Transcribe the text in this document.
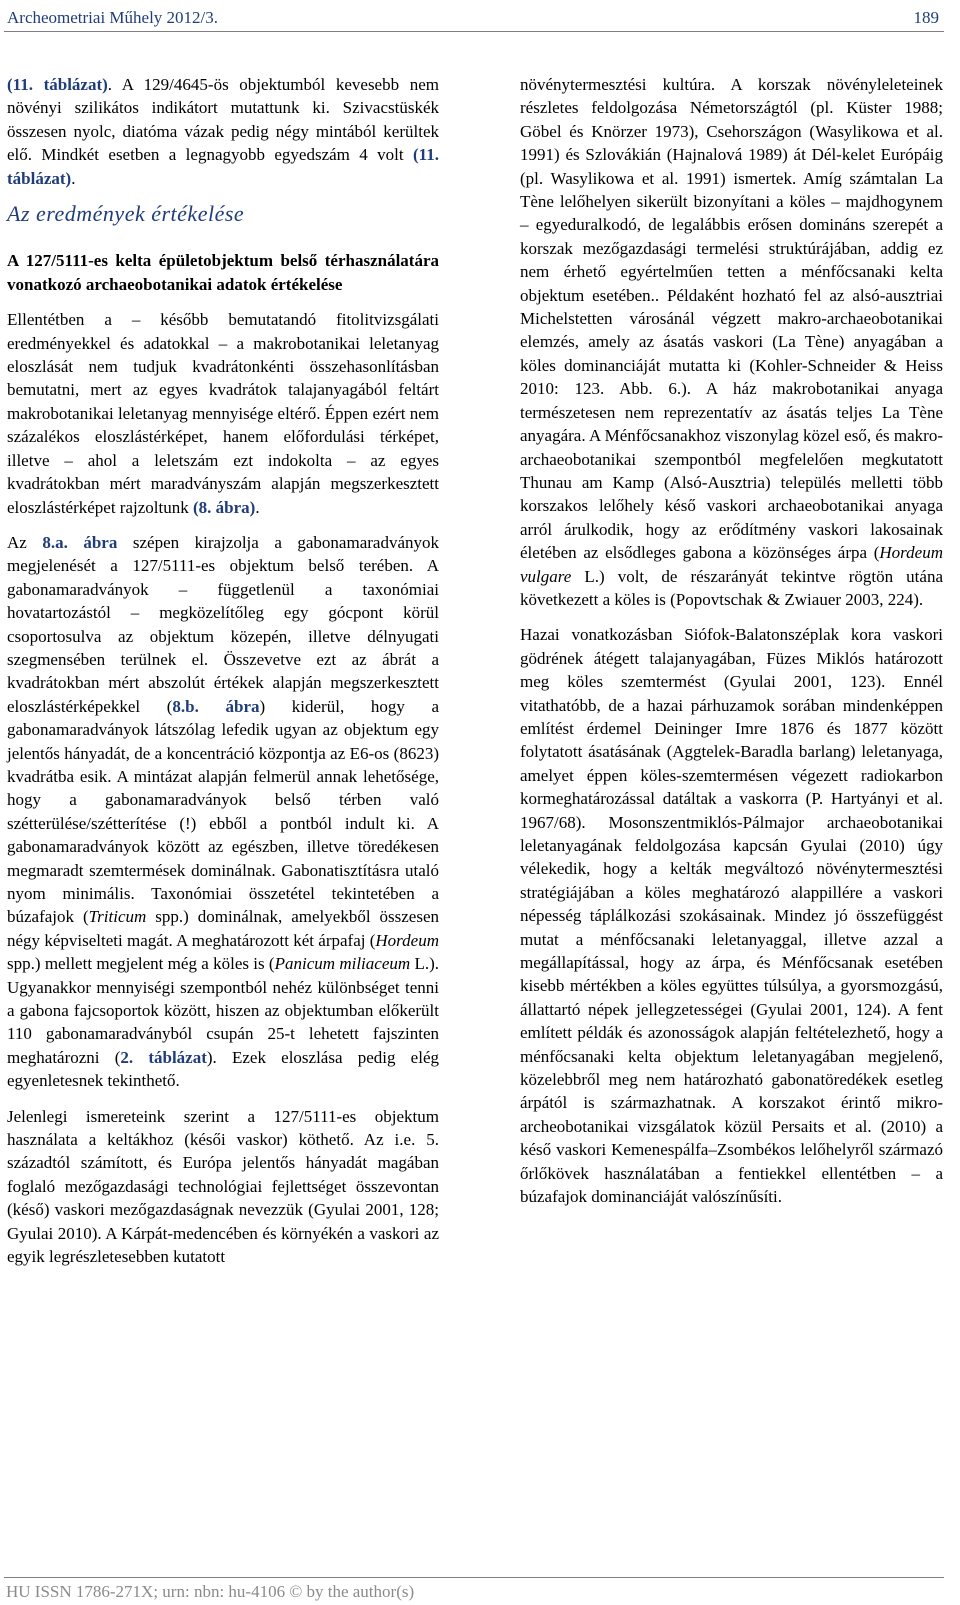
Archeometriai Műhely 2012/3.	189

(11. táblázat). A 129/4645-ös objektumból kevesebb nem növényi szilikátos indikátort mutattunk ki. Szivacstüskék összesen nyolc, diatóma vázak pedig négy mintából kerültek elő. Mindkét esetben a legnagyobb egyedszám 4 volt (11. táblázat).

Az eredmények értékelése
A 127/5111-es kelta épületobjektum belső térhasználatára vonatkozó archaeobotanikai adatok értékelése

Ellentétben a – később bemutatandó fitolitvizsgálati eredményekkel és adatokkal – a makrobotanikai leletanyag eloszlását nem tudjuk kvadrátonkénti összehasonlításban bemutatni, mert az egyes kvadrátok talajanyagából feltárt makrobotanikai leletanyag mennyisége eltérő. Éppen ezért nem százalékos eloszlástérképet, hanem előfordulási térképet, illetve – ahol a leletszám ezt indokolta – az egyes kvadrátokban mért maradványszám alapján megszerkesztett eloszlástérképet rajzoltunk (8. ábra).

Az 8.a. ábra szépen kirajzolja a gabonamaradványok megjelenését a 127/5111-es objektum belső terében. A gabonamaradványok – függetlenül a taxonómiai hovatartozástól – megközelítőleg egy gócpont körül csoportosulva az objektum közepén, illetve délnyugati szegmensében terülnek el. Összevetve ezt az ábrát a kvadrátokban mért abszolút értékek alapján megszerkesztett eloszlástérképekkel (8.b. ábra) kiderül, hogy a gabonamaradványok látszólag lefedik ugyan az objektum egy jelentős hányadát, de a koncentráció központja az E6-os (8623) kvadrátba esik. A mintázat alapján felmerül annak lehetősége, hogy a gabonamaradványok belső térben való szétterülése/szétterítése (!) ebből a pontból indult ki. A gabonamaradványok között az egészben, illetve töredékesen megmaradt szemtermések dominálnak. Gabonatisztításra utaló nyom minimális. Taxonómiai összetétel tekintetében a búzafajok (Triticum spp.) dominálnak, amelyekből összesen négy képviselteti magát. A meghatározott két árpafaj (Hordeum spp.) mellett megjelent még a köles is (Panicum miliaceum L.). Ugyanakkor mennyiségi szempontból nehéz különbséget tenni a gabona fajcsoportok között, hiszen az objektumban előkerült 110 gabonamaradványból csupán 25-t lehetett fajszinten meghatározni (2. táblázat). Ezek eloszlása pedig elég egyenletesnek tekinthető.

Jelenlegi ismereteink szerint a 127/5111-es objektum használata a keltákhoz (késői vaskor) köthető. Az i.e. 5. századtól számított, és Európa jelentős hányadát magában foglaló mezőgazdasági technológiai fejlettséget összevontan (késő) vaskori mezőgazdaságnak nevezzük (Gyulai 2001, 128; Gyulai 2010). A Kárpát-medencében és környékén a vaskori az egyik legrészletesebben kutatott

növénytermesztési kultúra. A korszak növényleleteinek részletes feldolgozása Németországtól (pl. Küster 1988; Göbel és Knörzer 1973), Csehországon (Wasylikowa et al. 1991) és Szlovákián (Hajnalová 1989) át Dél-kelet Európáig (pl. Wasylikowa et al. 1991) ismertek. Amíg számtalan La Tène lelőhelyen sikerült bizonyítani a köles – majdhogynem – egyeduralkodó, de legalábbis erősen domináns szerepét a korszak mezőgazdasági termelési struktúrájában, addig ez nem érhető egyértelműen tetten a ménfőcsanaki kelta objektum esetében.. Példaként hozható fel az alsó-ausztriai Michelstetten városánál végzett makro-archaeobotanikai elemzés, amely az ásatás vaskori (La Tène) anyagában a köles dominanciáját mutatta ki (Kohler-Schneider & Heiss 2010: 123. Abb. 6.). A ház makrobotanikai anyaga természetesen nem reprezentatív az ásatás teljes La Tène anyagára. A Ménfőcsanakhoz viszonylag közel eső, és makro-archaeobotanikai szempontból megfelelően megkutatott Thunau am Kamp (Alsó-Ausztria) település melletti több korszakos lelőhely késő vaskori archaeobotanikai anyaga arról árulkodik, hogy az erődítmény vaskori lakosainak életében az elsődleges gabona a közönséges árpa (Hordeum vulgare L.) volt, de részarányát tekintve rögtön utána következett a köles is (Popovtschak & Zwiauer 2003, 224).

Hazai vonatkozásban Siófok-Balatonszéplak kora vaskori gödrének átégett talajanyagában, Füzes Miklós határozott meg köles szemtermést (Gyulai 2001, 123). Ennél vitathatóbb, de a hazai párhuzamok sorában mindenképpen említést érdemel Deininger Imre 1876 és 1877 között folytatott ásatásának (Aggtelek-Baradla barlang) leletanyaga, amelyet éppen köles-szemtermésen végezett radiokarbon kormeghatározással datáltak a vaskorra (P. Hartyányi et al. 1967/68). Mosonszentmiklós-Pálmajor archaeobotanikai leletanyagának feldolgozása kapcsán Gyulai (2010) úgy vélekedik, hogy a kelták megváltozó növénytermesztési stratégiájában a köles meghatározó alappillére a vaskori népesség táplálkozási szokásainak. Mindez jó összefüggést mutat a ménfőcsanaki leletanyaggal, illetve azzal a megállapítással, hogy az árpa, és Ménfőcsanak esetében kisebb mértékben a köles együttes túlsúlya, a gyorsmozgású, állattartó népek jellegzetességei (Gyulai 2001, 124). A fent említett példák és azonosságok alapján feltételezhető, hogy a ménfőcsanaki kelta objektum leletanyagában megjelenő, közelebbről meg nem határozható gabonatöredékek esetleg árpától is származhatnak. A korszakot érintő mikro-archeobotanikai vizsgálatok közül Persaits et al. (2010) a késő vaskori Kemenespálfa–Zsombékos lelőhelyről származó őrlőkövek használatában a fentiekkel ellentétben – a búzafajok dominanciáját valószínűsíti.

HU ISSN 1786-271X; urn: nbn: hu-4106 © by the author(s)
